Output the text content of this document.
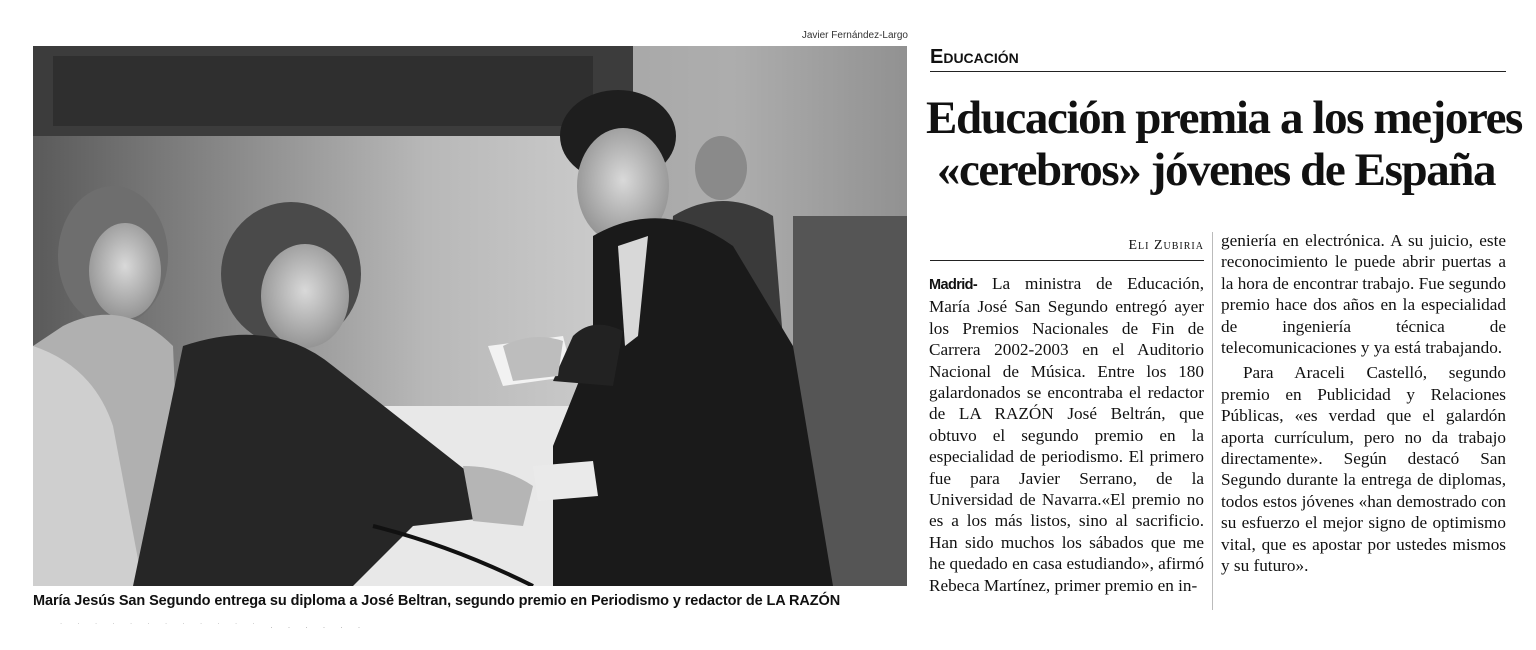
Javier Fernández-Largo
María Jesús San Segundo entrega su diploma a José Beltran, segundo premio en Periodismo y redactor de LA RAZÓN
˙ ˙ ˙ ˙ ˙ ˙ ˙ ˙ ˙ ˙ ˙ ˙ · · · · · ·
Educación
Educación premia a los mejores
«cerebros» jóvenes de España
Eli Zubiria

Madrid- La ministra de Educación, María José San Segundo entregó ayer los Premios Nacionales de Fin de Carrera 2002-2003 en el Auditorio Nacional de Música. Entre los 180 galardonados se encontraba el redactor de LA RAZÓN José Beltrán, que obtuvo el segundo premio en la especialidad de periodismo. El primero fue para Javier Serrano, de la Universidad de Navarra.«El premio no es a los más listos, sino al sacrificio. Han sido muchos los sábados que me he quedado en casa estudiando», afirmó Rebeca Martínez, primer premio en in-

geniería en electrónica. A su juicio, este reconocimiento le puede abrir puertas a la hora de encontrar trabajo. Fue segundo premio hace dos años en la especialidad de ingeniería técnica de telecomunicaciones y ya está trabajando.

Para Araceli Castelló, segundo premio en Publicidad y Relaciones Públicas, «es verdad que el galardón aporta currículum, pero no da trabajo directamente». Según destacó San Segundo durante la entrega de diplomas, todos estos jóvenes «han demostrado con su esfuerzo el mejor signo de optimismo vital, que es apostar por ustedes mismos y su futuro».
